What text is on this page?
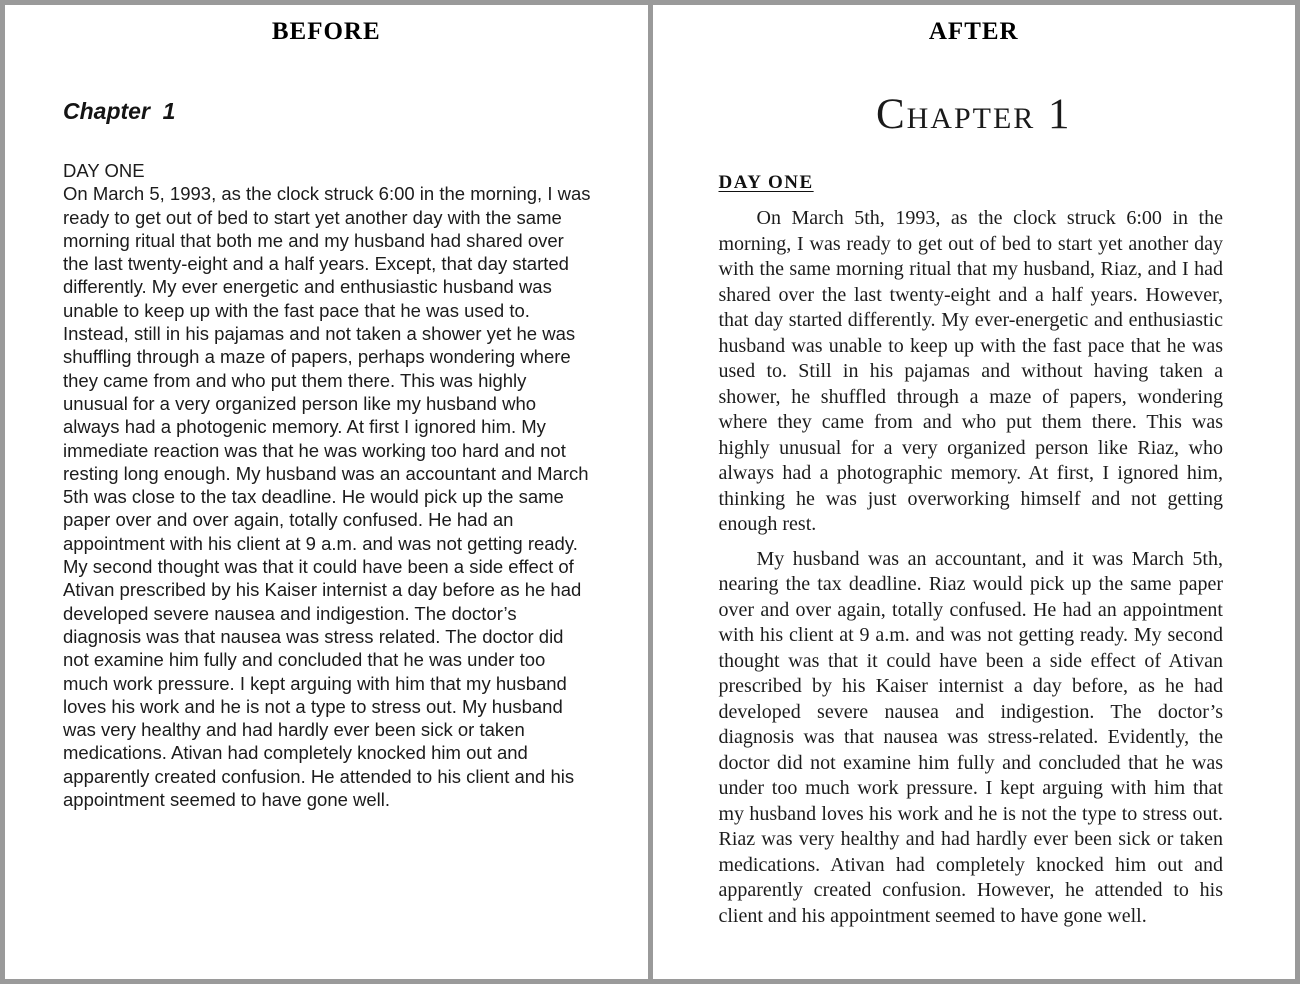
BEFORE
Chapter  1
DAY ONE

On March 5, 1993, as the clock struck 6:00 in the morning, I was ready to get out of bed to start yet another day with the same morning ritual that both me and my husband had shared over the last twenty-eight and a half years. Except, that day started differently. My ever energetic and enthusiastic husband was unable to keep up with the fast pace that he was used to. Instead, still in his pajamas and not taken a shower yet he was shuffling through a maze of papers, perhaps wondering where they came from and who put them there. This was highly unusual for a very organized person like my husband who always had a photogenic memory. At first I ignored him. My immediate reaction was that he was working too hard and not resting long enough. My husband was an accountant and March 5th was close to the tax deadline. He would pick up the same paper over and over again, totally confused. He had an appointment with his client at 9 a.m. and was not getting ready. My second thought was that it could have been a side effect of Ativan prescribed by his Kaiser internist a day before as he had developed severe nausea and indigestion. The doctor’s diagnosis was that nausea was stress related. The doctor did not examine him fully and concluded that he was under too much work pressure. I kept arguing with him that my husband loves his work and he is not a type to stress out. My husband was very healthy and had hardly ever been sick or taken medications. Ativan had completely knocked him out and apparently created confusion. He attended to his client and his appointment seemed to have gone well.

AFTER
Chapter 1
DAY ONE

On March 5th, 1993, as the clock struck 6:00 in the morning, I was ready to get out of bed to start yet another day with the same morning ritual that my husband, Riaz, and I had shared over the last twenty-eight and a half years. However, that day started differently. My ever-energetic and enthusiastic husband was unable to keep up with the fast pace that he was used to. Still in his pajamas and without having taken a shower, he shuffled through a maze of papers, wondering where they came from and who put them there. This was highly unusual for a very organized person like Riaz, who always had a photographic memory. At first, I ignored him, thinking he was just overworking himself and not getting enough rest.

My husband was an accountant, and it was March 5th, nearing the tax deadline. Riaz would pick up the same paper over and over again, totally confused. He had an appointment with his client at 9 a.m. and was not getting ready. My second thought was that it could have been a side effect of Ativan prescribed by his Kaiser internist a day before, as he had developed severe nausea and indigestion. The doctor’s diagnosis was that nausea was stress-related. Evidently, the doctor did not examine him fully and concluded that he was under too much work pressure. I kept arguing with him that my husband loves his work and he is not the type to stress out. Riaz was very healthy and had hardly ever been sick or taken medications. Ativan had completely knocked him out and apparently created confusion. However, he attended to his client and his appointment seemed to have gone well.
